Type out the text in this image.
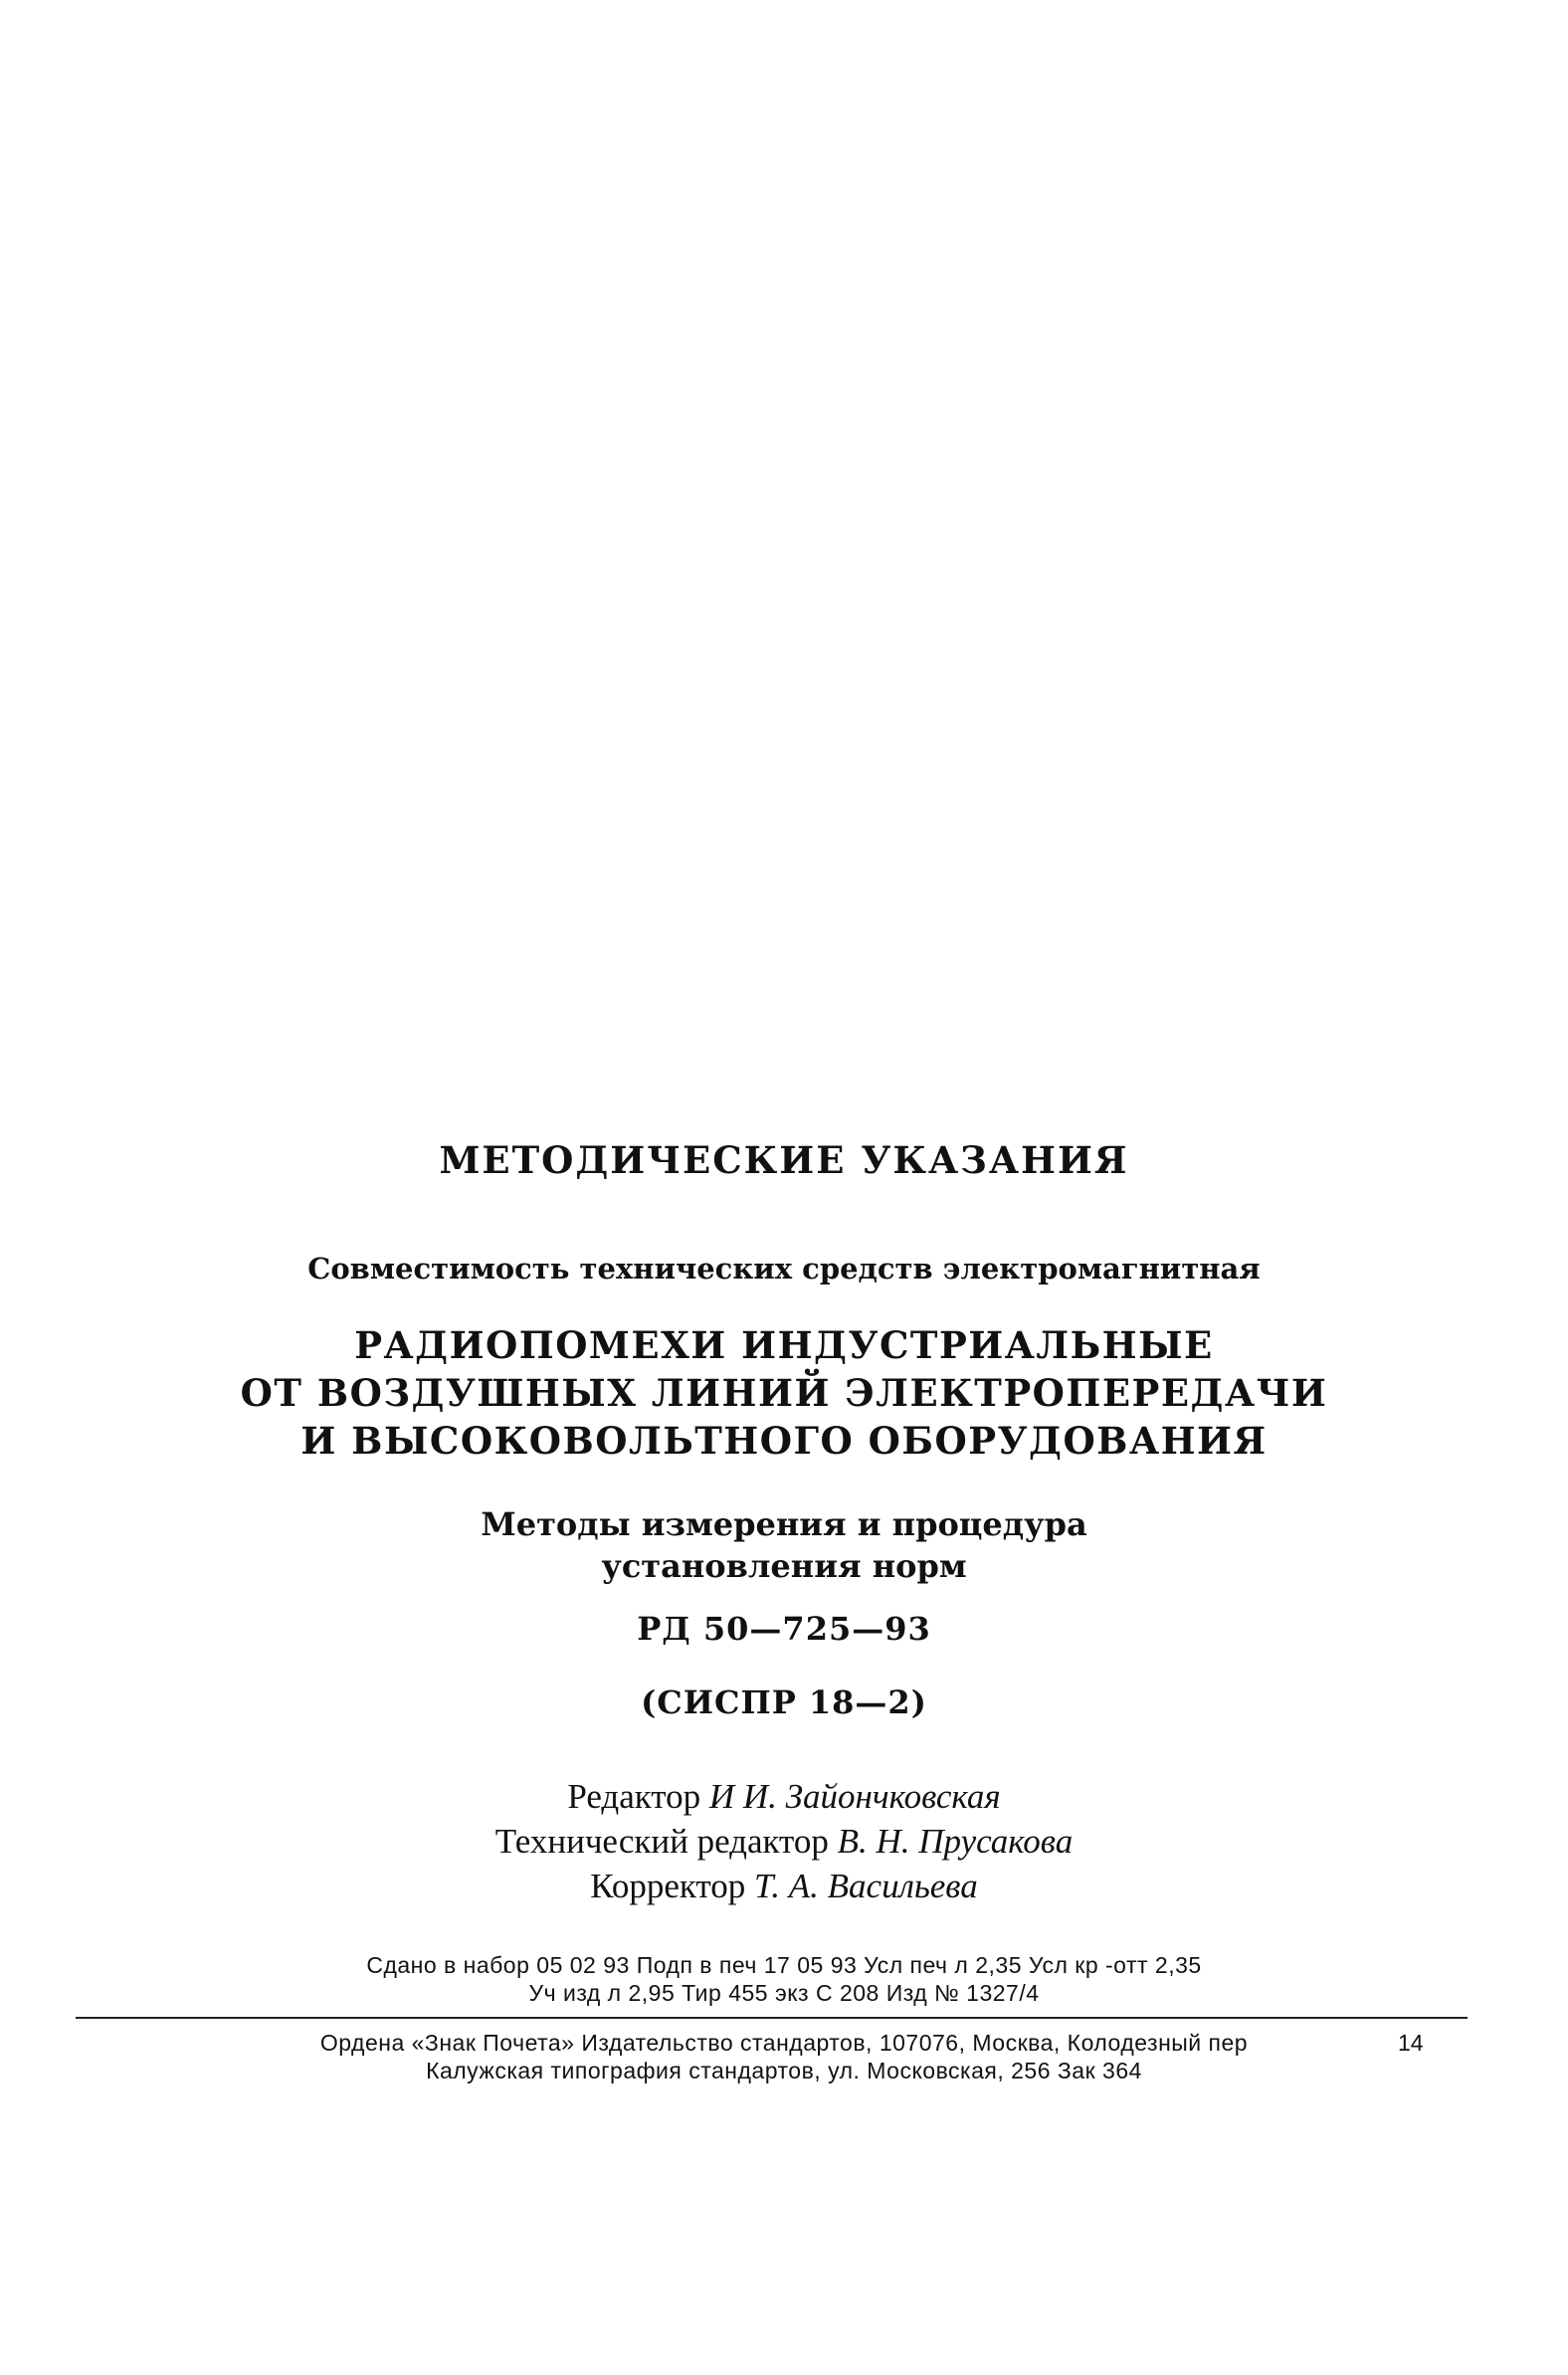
МЕТОДИЧЕСКИЕ УКАЗАНИЯ
Совместимость технических средств электромагнитная
РАДИОПОМЕХИ ИНДУСТРИАЛЬНЫЕ
ОТ ВОЗДУШНЫХ ЛИНИЙ ЭЛЕКТРОПЕРЕДАЧИ
И ВЫСОКОВОЛЬТНОГО ОБОРУДОВАНИЯ
Методы измерения и процедура
установления норм
РД 50—725—93
(СИСПР 18—2)
Редактор И И. Зайончковская
Технический редактор В. Н. Прусакова
Корректор Т. А. Васильева
Сдано в набор 05 02 93 Подп в печ 17 05 93 Усл печ л 2,35 Усл кр -отт 2,35
Уч изд л 2,95 Тир 455 экз С 208 Изд № 1327/4
Ордена «Знак Почета» Издательство стандартов, 107076, Москва, Колодезный пер
Калужская типография стандартов, ул. Московская, 256 Зак 364
14
